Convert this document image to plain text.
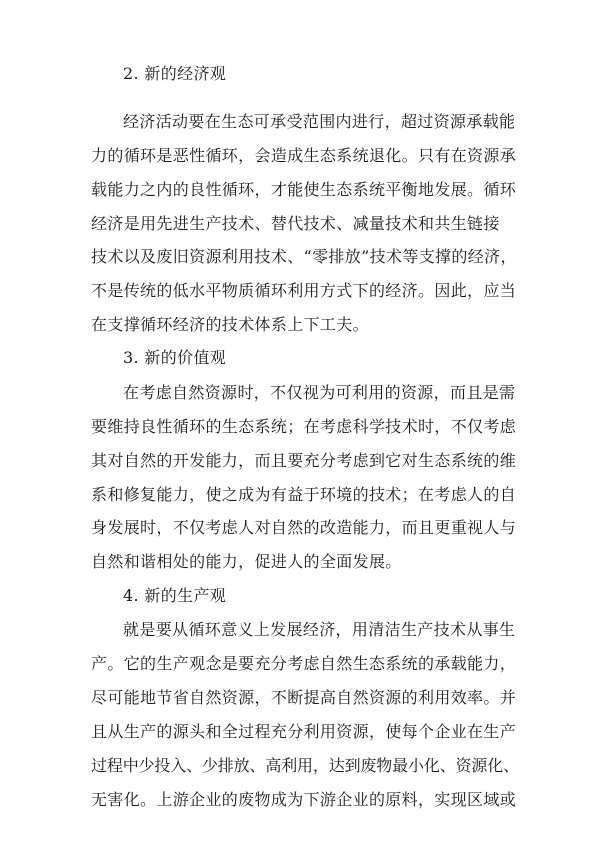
2. 新的经济观
经济活动要在生态可承受范围内进行，超过资源承载能
力的循环是恶性循环，会造成生态系统退化。只有在资源承
载能力之内的良性循环，才能使生态系统平衡地发展。循环
经济是用先进生产技术、替代技术、减量技术和共生链接
技术以及废旧资源利用技术、“零排放”技术等支撑的经济，
不是传统的低水平物质循环利用方式下的经济。因此，应当
在支撑循环经济的技术体系上下工夫。
3. 新的价值观
在考虑自然资源时，不仅视为可利用的资源，而且是需
要维持良性循环的生态系统；在考虑科学技术时，不仅考虑
其对自然的开发能力，而且要充分考虑到它对生态系统的维
系和修复能力，使之成为有益于环境的技术；在考虑人的自
身发展时，不仅考虑人对自然的改造能力，而且更重视人与
自然和谐相处的能力，促进人的全面发展。
4. 新的生产观
就是要从循环意义上发展经济，用清洁生产技术从事生
产。它的生产观念是要充分考虑自然生态系统的承载能力，
尽可能地节省自然资源，不断提高自然资源的利用效率。并
且从生产的源头和全过程充分利用资源，使每个企业在生产
过程中少投入、少排放、高利用，达到废物最小化、资源化、
无害化。上游企业的废物成为下游企业的原料，实现区域或
